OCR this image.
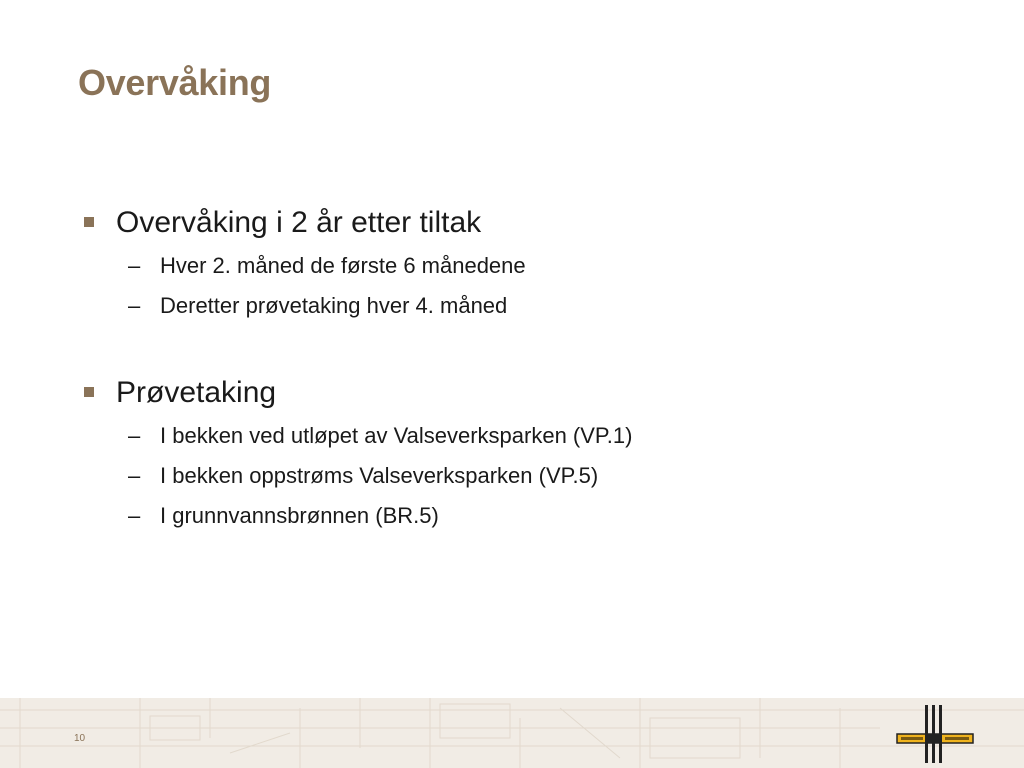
Overvåking
Overvåking i 2 år etter tiltak
– Hver 2. måned de første 6 månedene
– Deretter prøvetaking hver 4. måned
Prøvetaking
– I bekken ved utløpet av Valseverksparken (VP.1)
– I bekken oppstrøms Valseverksparken (VP.5)
– I grunnvannsbrønnen (BR.5)
10
